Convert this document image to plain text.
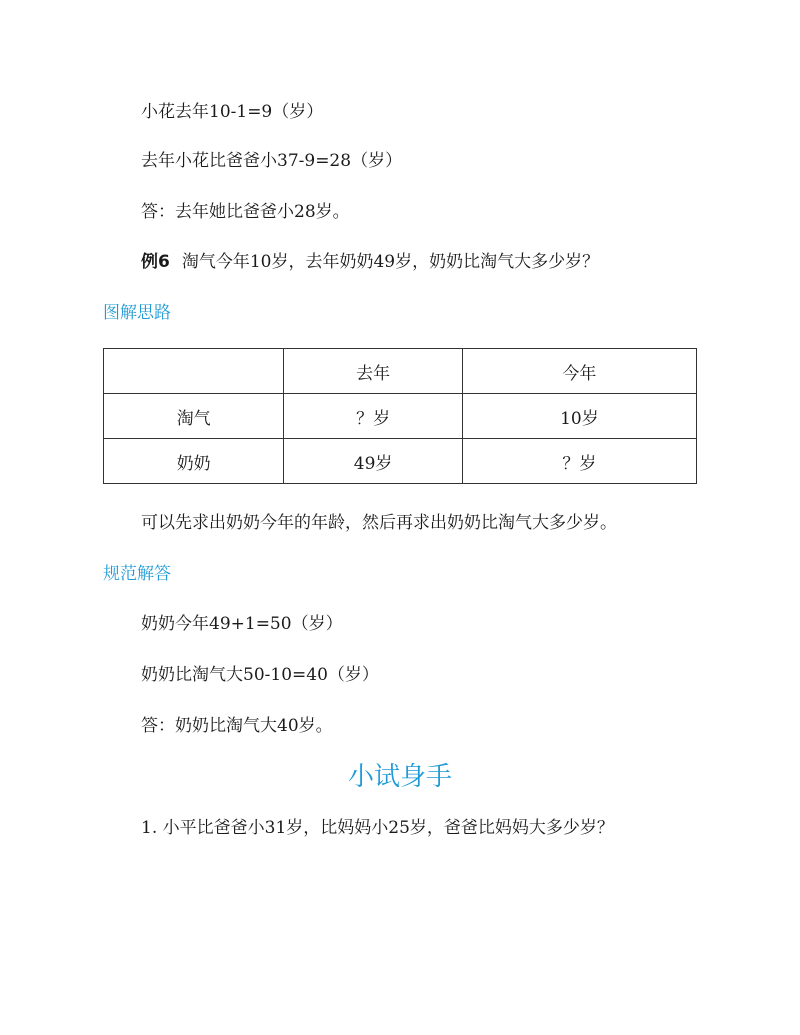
小花去年10-1=9（岁）
去年小花比爸爸小37-9=28（岁）
答：去年她比爸爸小28岁。
例6 淘气今年10岁，去年奶奶49岁，奶奶比淘气大多少岁？
图解思路
	去年	今年
淘气	？岁	10岁
奶奶	49岁	？岁
可以先求出奶奶今年的年龄，然后再求出奶奶比淘气大多少岁。
规范解答
奶奶今年49+1=50（岁）
奶奶比淘气大50-10=40（岁）
答：奶奶比淘气大40岁。
小试身手
1. 小平比爸爸小31岁，比妈妈小25岁，爸爸比妈妈大多少岁？
